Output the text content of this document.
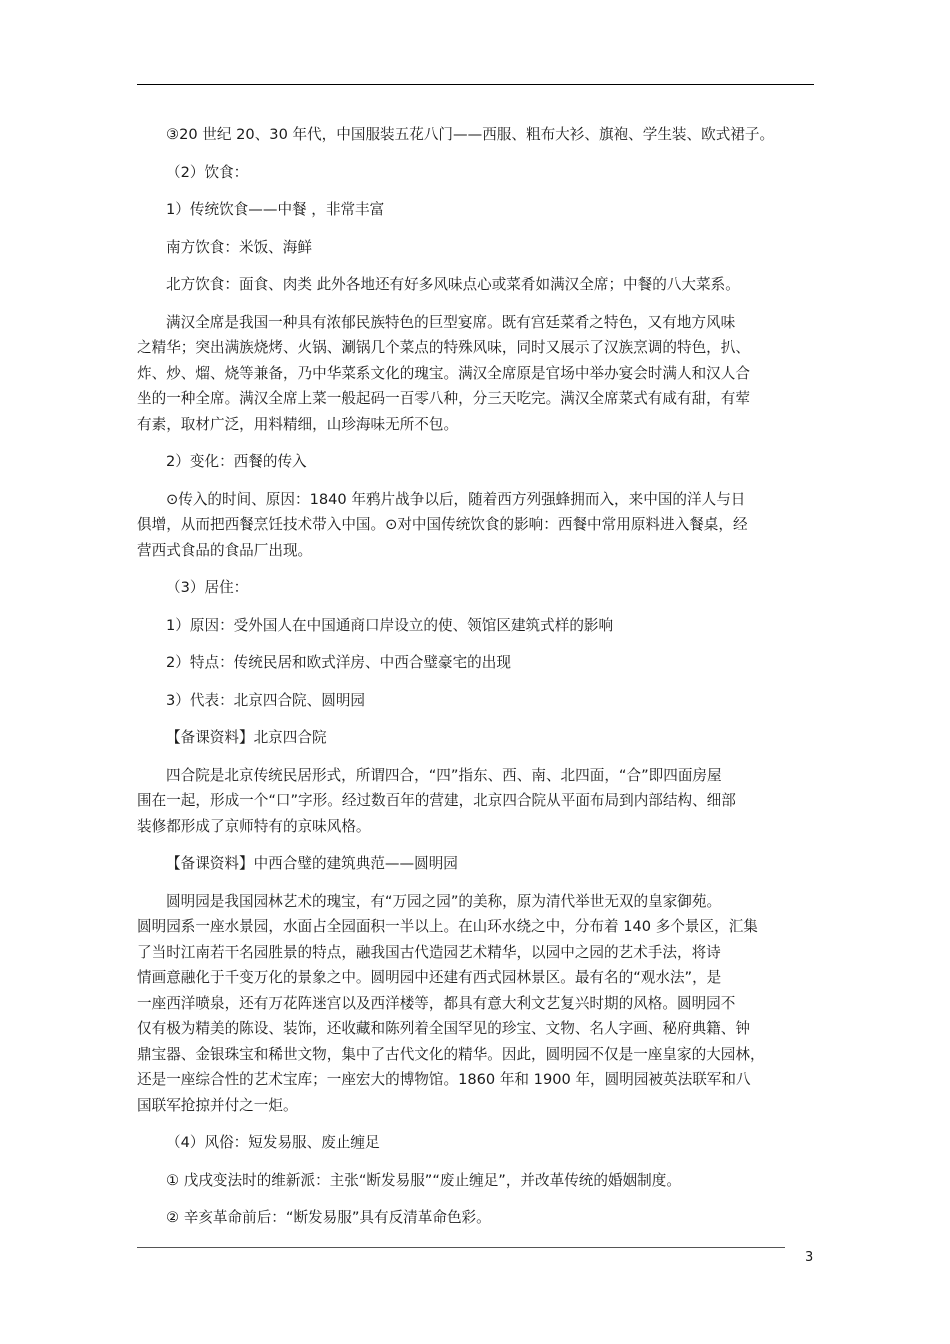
③20 世纪 20、30 年代，中国服装五花八门——西服、粗布大衫、旗袍、学生装、欧式裙子。

（2）饮食：

1）传统饮食——中餐 ，非常丰富

南方饮食：米饭、海鲜

北方饮食：面食、肉类 此外各地还有好多风味点心或菜肴如满汉全席；中餐的八大菜系。

满汉全席是我国一种具有浓郁民族特色的巨型宴席。既有宫廷菜肴之特色，又有地方风味
之精华；突出满族烧烤、火锅、涮锅几个菜点的特殊风味，同时又展示了汉族烹调的特色，扒、
炸、炒、熘、烧等兼备，乃中华菜系文化的瑰宝。满汉全席原是官场中举办宴会时满人和汉人合
坐的一种全席。满汉全席上菜一般起码一百零八种，分三天吃完。满汉全席菜式有咸有甜，有荤
有素，取材广泛，用料精细，山珍海味无所不包。

2）变化：西餐的传入

⊙传入的时间、原因：1840 年鸦片战争以后，随着西方列强蜂拥而入，来中国的洋人与日
俱增，从而把西餐烹饪技术带入中国。⊙对中国传统饮食的影响：西餐中常用原料进入餐桌，经
营西式食品的食品厂出现。

（3）居住：

1）原因：受外国人在中国通商口岸设立的使、领馆区建筑式样的影响

2）特点：传统民居和欧式洋房、中西合璧豪宅的出现

3）代表：北京四合院、圆明园

【备课资料】北京四合院

四合院是北京传统民居形式，所谓四合，“四”指东、西、南、北四面，“合”即四面房屋
围在一起，形成一个“口”字形。经过数百年的营建，北京四合院从平面布局到内部结构、细部
装修都形成了京师特有的京味风格。

【备课资料】中西合璧的建筑典范——圆明园

圆明园是我国园林艺术的瑰宝，有“万园之园”的美称，原为清代举世无双的皇家御苑。
圆明园系一座水景园，水面占全园面积一半以上。在山环水绕之中，分布着 140 多个景区，汇集
了当时江南若干名园胜景的特点，融我国古代造园艺术精华，以园中之园的艺术手法，将诗
情画意融化于千变万化的景象之中。圆明园中还建有西式园林景区。最有名的“观水法”，是
一座西洋喷泉，还有万花阵迷宫以及西洋楼等，都具有意大利文艺复兴时期的风格。圆明园不
仅有极为精美的陈设、装饰，还收藏和陈列着全国罕见的珍宝、文物、名人字画、秘府典籍、钟
鼎宝器、金银珠宝和稀世文物，集中了古代文化的精华。因此，圆明园不仅是一座皇家的大园林，
还是一座综合性的艺术宝库；一座宏大的博物馆。1860 年和 1900 年，圆明园被英法联军和八
国联军抢掠并付之一炬。

（4）风俗：短发易服、废止缠足

① 戊戌变法时的维新派：主张“断发易服”“废止缠足”，并改革传统的婚姻制度。

② 辛亥革命前后：“断发易服”具有反清革命色彩。

3
